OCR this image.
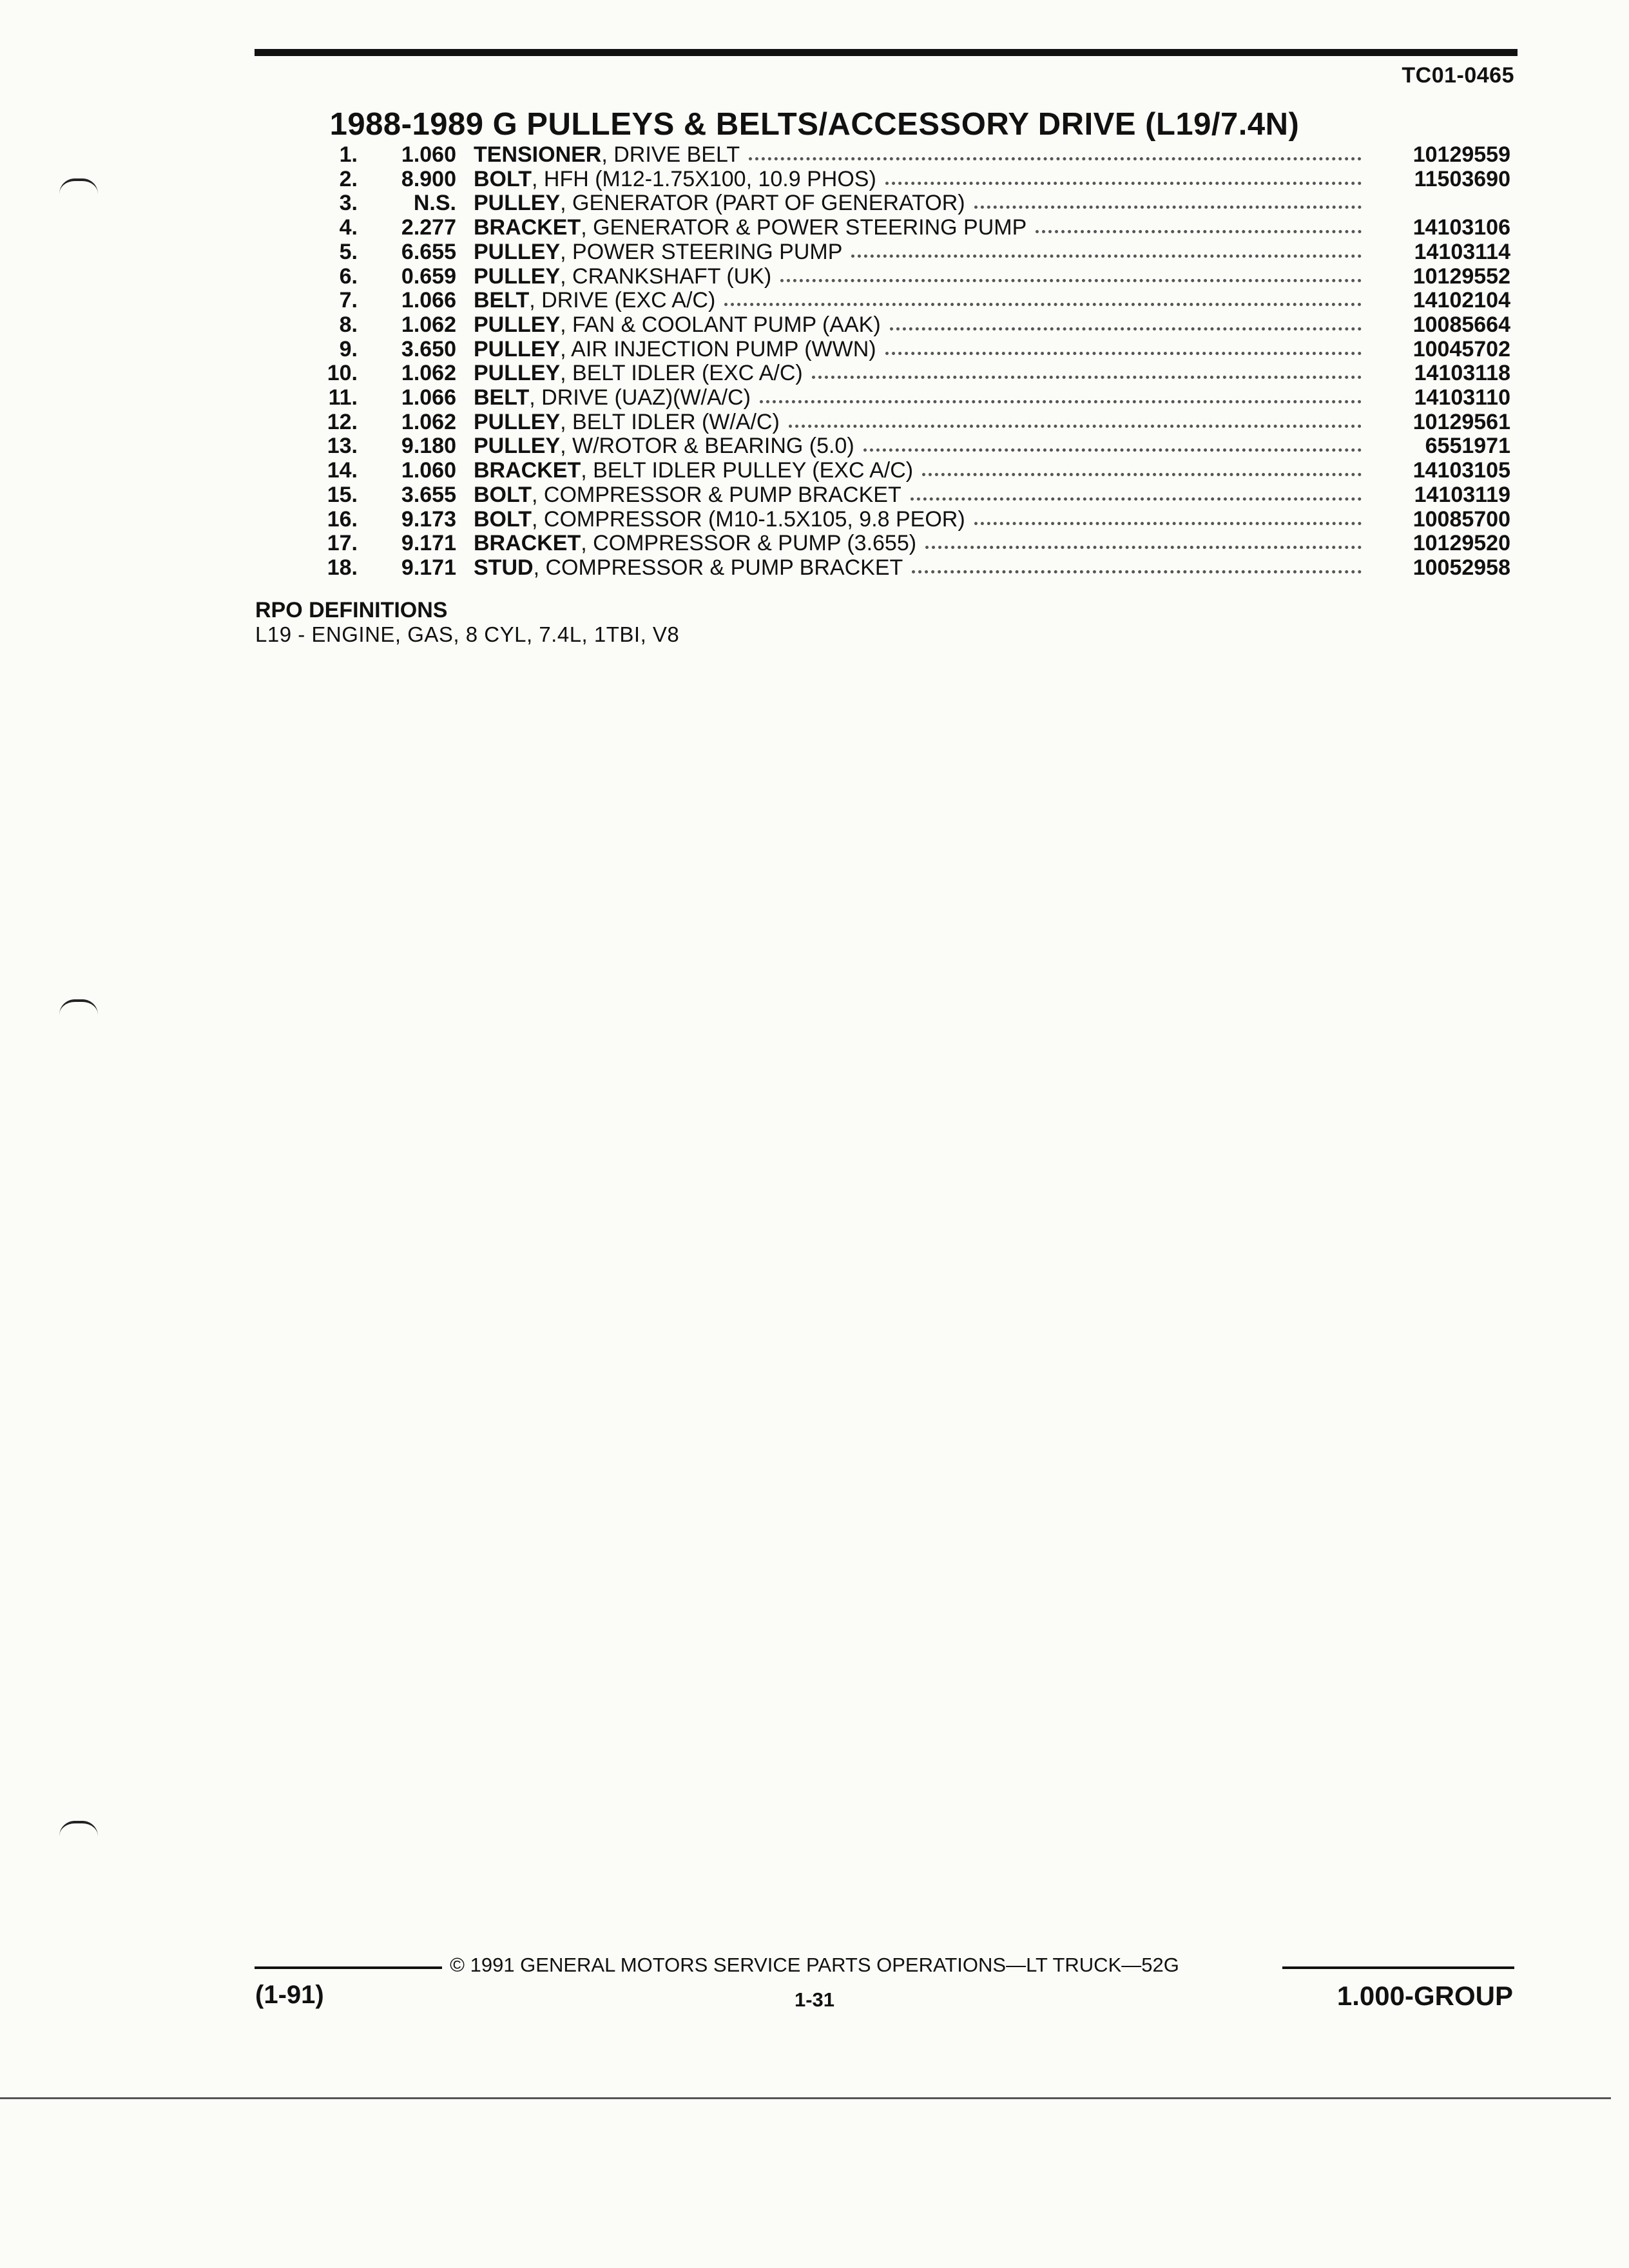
TC01-0465
1988-1989 G PULLEYS & BELTS/ACCESSORY DRIVE (L19/7.4N)
1. 1.060 TENSIONER , DRIVE BELT	10129559
2. 8.900 BOLT , HFH (M12-1.75X100, 10.9 PHOS)	11503690
3.	N.S. PULLEY , GENERATOR (PART OF GENERATOR)
4. 2.277 BRACKET , GENERATOR & POWER STEERING PUMP	14103106
5. 6.655 PULLEY , POWER STEERING PUMP	14103114
6. 0.659 PULLEY , CRANKSHAFT (UK)	10129552
7. 1.066 BELT , DRIVE (EXC A/C)	14102104
8. 1.062 PULLEY , FAN & COOLANT PUMP (AAK)	10085664
9. 3.650 PULLEY , AIR INJECTION PUMP (WWN)	10045702
10. 1.062 PULLEY , BELT IDLER (EXC A/C)	14103118
11. 1.066 BELT , DRIVE (UAZ)(W/A/C)	14103110
12. 1.062 PULLEY , BELT IDLER (W/A/C)	10129561
13. 9.180 PULLEY , W/ROTOR & BEARING (5.0)	6551971
14. 1.060 BRACKET , BELT IDLER PULLEY (EXC A/C)	14103105
15. 3.655 BOLT , COMPRESSOR & PUMP BRACKET	14103119
16. 9.173 BOLT , COMPRESSOR (M10-1.5X105, 9.8 PEOR)	10085700
17. 9.171 BRACKET , COMPRESSOR & PUMP (3.655)	10129520
18. 9.171 STUD , COMPRESSOR & PUMP BRACKET	10052958
RPO DEFINITIONS
L19 - ENGINE, GAS, 8 CYL, 7.4L, 1TBI, V8
© 1991 GENERAL MOTORS SERVICE PARTS OPERATIONS—LT TRUCK—52G
(1-91)	1-31	1.000-GROUP
